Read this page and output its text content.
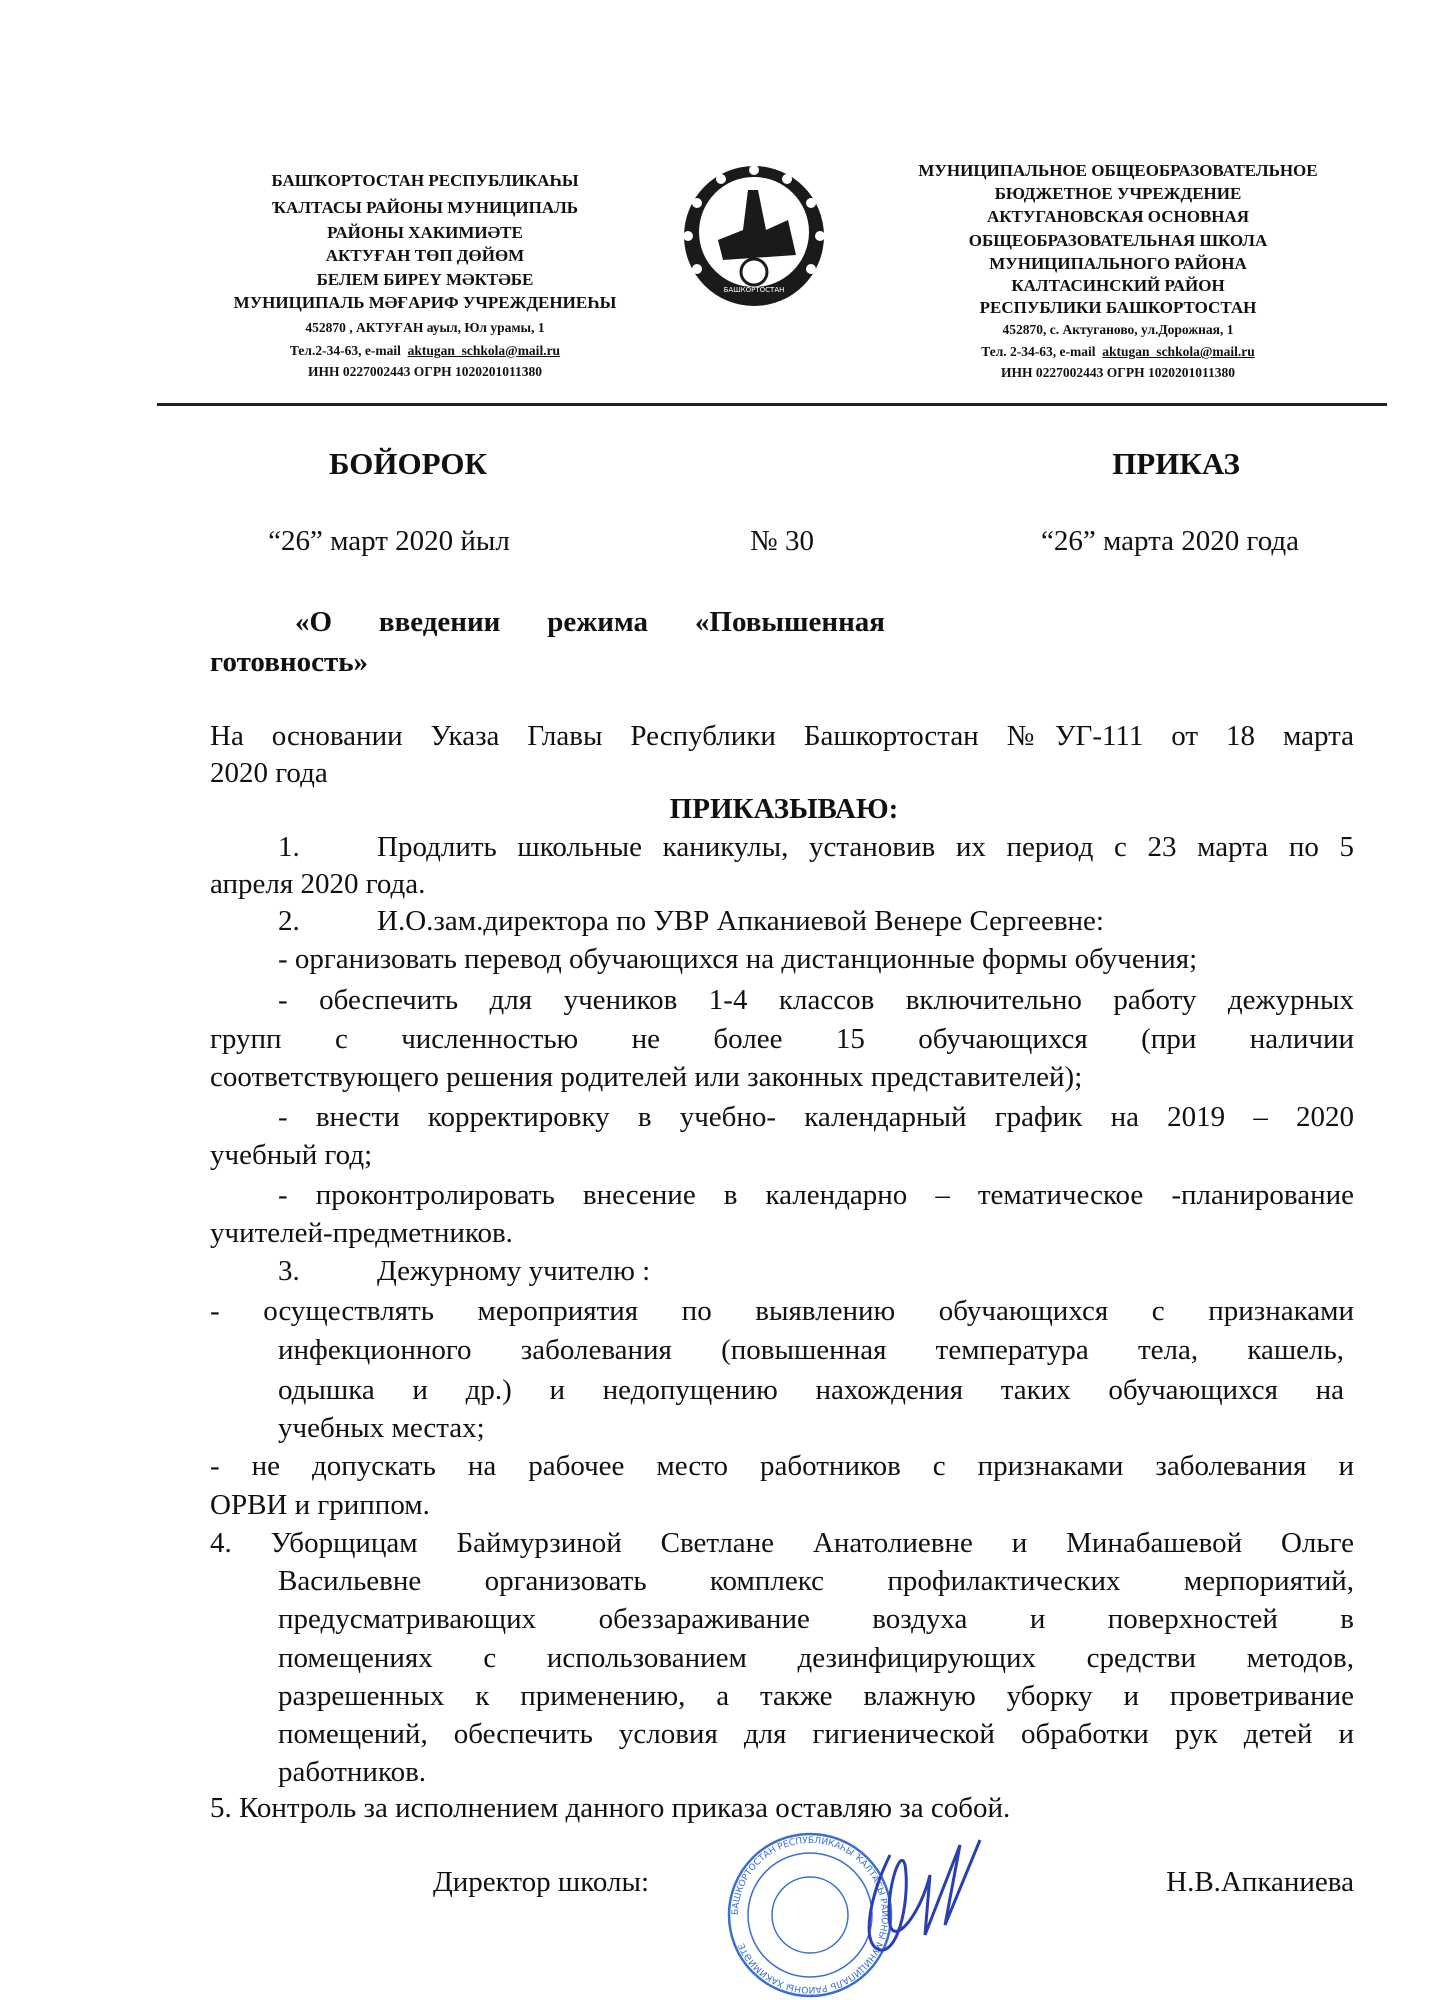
БАШҠОРТОСТАН РЕСПУБЛИКАҺЫ
ҠАЛТАСЫ РАЙОНЫ МУНИЦИПАЛЬ
РАЙОНЫ ХАКИМИӘТЕ
АКТУҒАН ТӨП ДӨЙӨМ
БЕЛЕМ БИРЕҮ МӘКТӘБЕ
МУНИЦИПАЛЬ МӘҒАРИФ УЧРЕЖДЕНИЕҺЫ
452870 , АКТУҒАН ауыл, Юл урамы, 1
Тел.2-34-63, e-mail aktugan_schkola@mail.ru
ИНН 0227002443 ОГРН 1020201011380
БАШКОРТОСТАН
МУНИЦИПАЛЬНОЕ ОБЩЕОБРАЗОВАТЕЛЬНОЕ
БЮДЖЕТНОЕ УЧРЕЖДЕНИЕ
АКТУГАНОВСКАЯ ОСНОВНАЯ
ОБЩЕОБРАЗОВАТЕЛЬНАЯ ШКОЛА
МУНИЦИПАЛЬНОГО РАЙОНА
КАЛТАСИНСКИЙ РАЙОН
РЕСПУБЛИКИ БАШКОРТОСТАН
452870, с. Актуганово, ул.Дорожная, 1
Тел. 2-34-63, e-mail aktugan_schkola@mail.ru
ИНН 0227002443 ОГРН 1020201011380
БОЙОРОК	ПРИКАЗ
“26” март 2020 йыл	№ 30	“26” марта 2020 года
«О введении режима «Повышенная
готовность»
На основании Указа Главы Республики Башкортостан №УГ-111 от 18 марта
2020 года
ПРИКАЗЫВАЮ:
1.	Продлить школьные каникулы, установив их период с 23 марта по 5
апреля 2020 года.
2.	И.О.зам.директора по УВР Апканиевой Венере Сергеевне:
- организовать перевод обучающихся на дистанционные формы обучения;
- обеспечить для учеников 1-4 классов включительно работу дежурных
групп с численностью не более 15 обучающихся (при наличии
соответствующего решения родителей или законных представителей);
- внести корректировку в учебно- календарный график на 2019 – 2020
учебный год;
- проконтролировать внесение в календарно – тематическое -планирование
учителей-предметников.
3.	Дежурному учителю :
- осуществлять мероприятия по выявлению обучающихся с признаками
инфекционного заболевания (повышенная температура тела, кашель,
одышка и др.) и недопущению нахождения таких обучающихся на
учебных местах;
- не допускать на рабочее место работников с признаками заболевания и
ОРВИ и гриппом.
4. Уборщицам Баймурзиной Светлане Анатолиевне и Минабашевой Ольге
Васильевне организовать комплекс профилактических мерпориятий,
предусматривающих обеззараживание воздуха и поверхностей в
помещениях с использованием дезинфицирующих средстви методов,
разрешенных к применению, а также влажную уборку и проветривание
помещений, обеспечить условия для гигиенической обработки рук детей и
работников.
5. Контроль за исполнением данного приказа оставляю за собой.
БАШКОРТОСТАН РЕСПУБЛИКАҺЫ ҠАЛТАСЫ РАЙОНЫ МУНИЦИПАЛЬ РАЙОНЫ ХАКИМИӘТЕ
Директор школы:	Н.В.Апканиева
